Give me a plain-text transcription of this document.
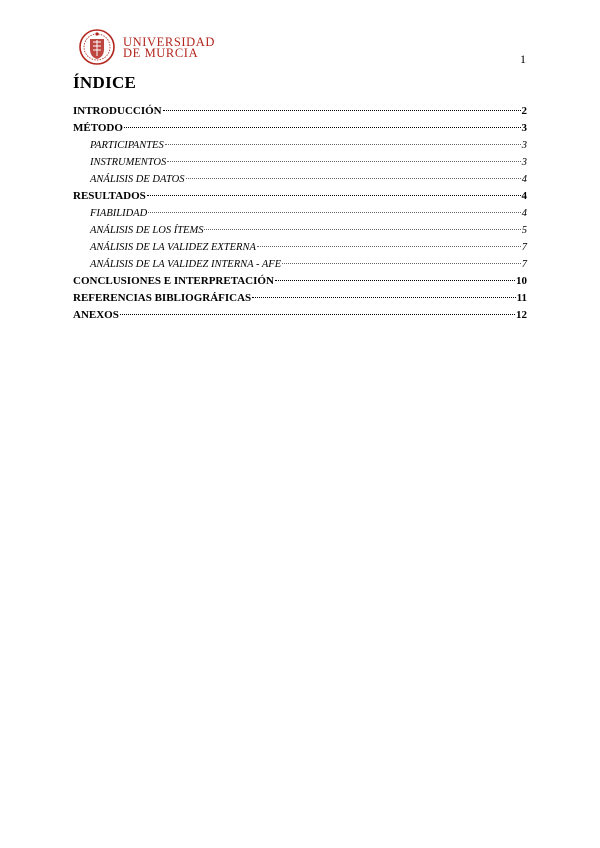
UNIVERSIDAD
DE MURCIA	1
ÍNDICE
INTRODUCCIÓN	2
MÉTODO	3
PARTICIPANTES	3
INSTRUMENTOS	3
ANÁLISIS DE DATOS	4
RESULTADOS	4
FIABILIDAD	4
ANÁLISIS DE LOS ÍTEMS	5
ANÁLISIS DE LA VALIDEZ EXTERNA	7
ANÁLISIS DE LA VALIDEZ INTERNA - AFE	7
CONCLUSIONES E INTERPRETACIÓN	10
REFERENCIAS BIBLIOGRÁFICAS	11
ANEXOS	12
